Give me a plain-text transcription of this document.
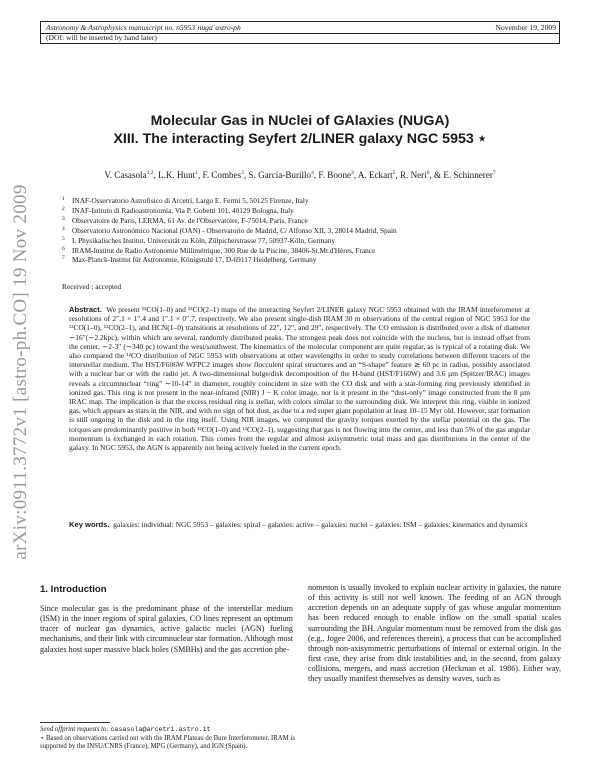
Astronomy & Astrophysics manuscript no. n5953˙nuga˙astro-ph
(DOI: will be inserted by hand later)
November 19, 2009
arXiv:0911.3772v1 [astro-ph.CO] 19 Nov 2009
Molecular Gas in NUclei of GAlaxies (NUGA)
XIII. The interacting Seyfert 2/LINER galaxy NGC 5953 ⋆
V. Casasola$^{1,2}$, L.K. Hunt$^1$, F. Combes$^3$, S. García-Burillo$^4$, F. Boone$^3$, A. Eckart$^5$, R. Neri$^6$, & E. Schinnerer$^7$
1 INAF-Osservatorio Astrofisico di Arcetri, Largo E. Fermi 5, 50125 Firenze, Italy
2 INAF-Istituto di Radioastronomia, Via P. Gobetti 101, 40129 Bologna, Italy
3 Observatoire de Paris, LERMA, 61 Av. de l'Observatoire, F-75014, Paris, France
4 Observatorio Astronómico Nacional (OAN) - Observatorio de Madrid, C/ Alfonso XII, 3, 28014 Madrid, Spain
5 I. Physikalisches Institut, Universität zu Köln, Zülpicherstrasse 77, 50937-Köln, Germany
6 IRAM-Institut de Radio Astronomie Millimétrique, 300 Rue de la Piscine, 38406-St.Mt.d'Hères, France
7 Max-Planck-Institut für Astronomie, Königstuhl 17, D-69117 Heidelberg, Germany
Received ; accepted
Abstract. We present ¹²CO(1–0) and ¹²CO(2–1) maps of the interacting Seyfert 2/LINER galaxy NGC 5953 obtained with the IRAM interferometer at resolutions of 2″.1 × 1″.4 and 1″.1 × 0″.7, respectively. We also present single-dish IRAM 30 m observations of the central region of NGC 5953 for the ¹²CO(1–0), ¹²CO(2–1), and HCN(1–0) transitions at resolutions of 22″, 12″, and 29″, respectively. The CO emission is distributed over a disk of diameter ∼16″(∼2.2kpc), within which are several, randomly distributed peaks. The strongest peak does not coincide with the nucleus, but is instead offset from the center, ∼2-3″ (∼340 pc) toward the west/southwest. The kinematics of the molecular component are quite regular, as is typical of a rotating disk. We also compared the ¹²CO distribution of NGC 5953 with observations at other wavelengths in order to study correlations between different tracers of the interstellar medium. The HST/F606W WFPC2 images show flocculent spiral structures and an “S-shape” feature ≳ 60 pc in radius, possibly associated with a nuclear bar or with the radio jet. A two-dimensional bulge/disk decomposition of the H-band (HST/F160W) and 3.6 µm (Spitzer/IRAC) images reveals a circumnuclear “ring” ∼10-14″ in diameter, roughly coincident in size with the CO disk and with a star-forming ring previously identified in ionized gas. This ring is not present in the near-infrared (NIR) J − K color image, nor is it present in the “dust-only” image constructed from the 8 µm IRAC map. The implication is that the excess residual ring is stellar, with colors similar to the surrounding disk. We interpret this ring, visible in ionized gas, which appears as stars in the NIR, and with no sign of hot dust, as due to a red super giant population at least 10–15 Myr old. However, star formation is still ongoing in the disk and in the ring itself. Using NIR images, we computed the gravity torques exerted by the stellar potential on the gas. The torques are predominantly positive in both ¹²CO(1–0) and ¹²CO(2–1), suggesting that gas is not flowing into the center, and less than 5% of the gas angular momentum is exchanged in each rotation. This comes from the regular and almost axisymmetric total mass and gas distributions in the center of the galaxy. In NGC 5953, the AGN is apparently not being actively fueled in the current epoch.
Key words. galaxies: individual: NGC 5953 – galaxies: spiral – galaxies: active – galaxies: nuclei – galaxies: ISM – galaxies: kinematics and dynamics
1. Introduction
Since molecular gas is the predominant phase of the interstellar medium (ISM) in the inner regions of spiral galaxies, CO lines represent an optimum tracer of nuclear gas dynamics, active galactic nuclei (AGN) fueling mechanisms, and their link with circumnuclear star formation. Although most galaxies host super massive black holes (SMBHs) and the gas accretion phe-
nomenon is usually invoked to explain nuclear activity in galaxies, the nature of this activity is still not well known. The feeding of an AGN through accretion depends on an adequate supply of gas whose angular momentum has been reduced enough to enable inflow on the small spatial scales surrounding the BH. Angular momentum must be removed from the disk gas (e.g., Jogee 2006, and references therein), a process that can be accomplished through non-axisymmetric perturbations of internal or external origin. In the first case, they arise from disk instabilities and, in the second, from galaxy collisions, mergers, and mass accretion (Heckman et al. 1986). Either way, they usually manifest themselves as density waves, such as
Send offprint requests to: casasola@arcetri.astro.it
⋆ Based on observations carried out with the IRAM Plateau de Bure Interferometer. IRAM is supported by the INSU/CNRS (France), MPG (Germany), and IGN (Spain).
